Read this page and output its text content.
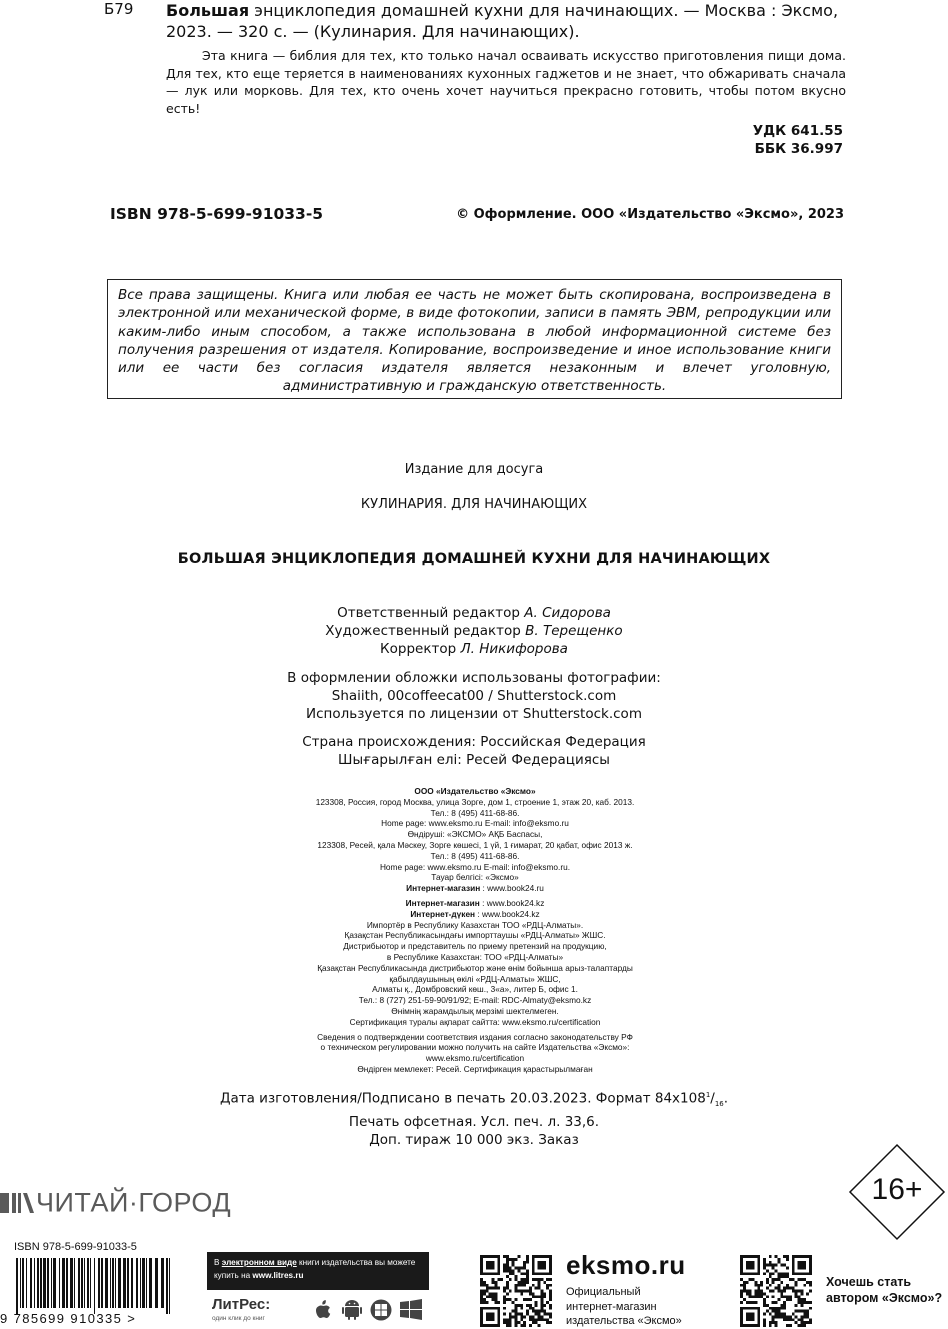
Б79 Большая энциклопедия домашней кухни для начинающих. — Москва : Эксмо, 2023. — 320 с. — (Кулинария. Для начинающих).
Эта книга — библия для тех, кто только начал осваивать искусство приготовления пищи дома. Для тех, кто еще теряется в наименованиях кухонных гаджетов и не знает, что обжаривать сначала — лук или морковь. Для тех, кто очень хочет научиться прекрасно готовить, чтобы потом вкусно есть!
УДК 641.55
ББК 36.997
ISBN 978-5-699-91033-5	© Оформление. ООО «Издательство «Эксмо», 2023
Все права защищены. Книга или любая ее часть не может быть скопирована, воспроизведена в электронной или механической форме, в виде фотокопии, записи в память ЭВМ, репродукции или каким-либо иным способом, а также использована в любой информационной системе без получения разрешения от издателя. Копирование, воспроизведение и иное использование книги или ее части без согласия издателя является незаконным и влечет уголовную, административную и гражданскую ответственность.
Издание для досуга
КУЛИНАРИЯ. ДЛЯ НАЧИНАЮЩИХ
БОЛЬШАЯ ЭНЦИКЛОПЕДИЯ ДОМАШНЕЙ КУХНИ ДЛЯ НАЧИНАЮЩИХ
Ответственный редактор А. Сидорова
Художественный редактор В. Терещенко
Корректор Л. Никифорова
В оформлении обложки использованы фотографии:
Shaiith, 00coffeecat00 / Shutterstock.com
Используется по лицензии от Shutterstock.com
Страна происхождения: Российская Федерация
Шығарылған елі: Ресей Федерациясы
ООО «Издательство «Эксмо»
123308, Россия, город Москва, улица Зорге, дом 1, строение 1, этаж 20, каб. 2013.
Тел.: 8 (495) 411-68-86.
Home page: www.eksmo.ru E-mail: info@eksmo.ru
Өндіруші: «ЭКСМО» АҚБ Баспасы,
123308, Ресей, қала Мәскеу, Зорге көшесі, 1 үй, 1 ғимарат, 20 қабат, офис 2013 ж.
Тел.: 8 (495) 411-68-86.
Home page: www.eksmo.ru E-mail: info@eksmo.ru.
Тауар белгісі: «Эксмо»
Интернет-магазин : www.book24.ru
Интернет-магазин : www.book24.kz
Интернет-дүкен : www.book24.kz
Импортёр в Республику Казахстан ТОО «РДЦ-Алматы».
Қазақстан Республикасындағы импорттаушы «РДЦ-Алматы» ЖШС.
Дистрибьютор и представитель по приему претензий на продукцию,
в Республике Казахстан: ТОО «РДЦ-Алматы»
Қазақстан Республикасында дистрибьютор және өнім бойынша арыз-талаптарды
қабылдаушының өкілі «РДЦ-Алматы» ЖШС,
Алматы қ., Домбровский көш., 3«а», литер Б, офис 1.
Тел.: 8 (727) 251-59-90/91/92; E-mail: RDC-Almaty@eksmo.kz
Өнімнің жарамдылық мерзімі шектелмеген.
Сертификация туралы ақпарат сайтта: www.eksmo.ru/certification
Сведения о подтверждении соответствия издания согласно законодательству РФ
о техническом регулировании можно получить на сайте Издательства «Эксмо»:
www.eksmo.ru/certification
Өндірген мемлекет: Ресей. Сертификация қарастырылмаған
Дата изготовления/Подписано в печать 20.03.2023. Формат $84x108^1/_{16}$.
Печать офсетная. Усл. печ. л. 33,6.
Доп. тираж 10 000 экз. Заказ
16+
ЧИТАЙ·ГОРОД
ISBN 978-5-699-91033-5
9 785699 910335 >
В электронном виде книги издательства вы можете
купить на www.litres.ru
ЛитРес:
один клик до книг
eksmo.ru
Официальный
интернет-магазин
издательства «Эксмо»
Хочешь стать
автором «Эксмо»?
